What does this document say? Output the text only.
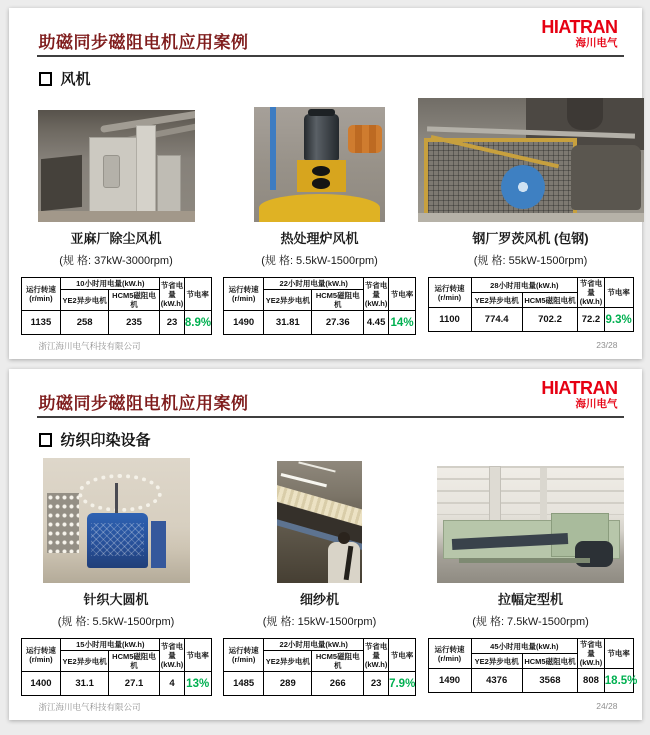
助磁同步磁阻电机应用案例
HIATRAN
海川电气
风机
亚麻厂除尘风机
(规 格: 37kW-3000rpm)
运行转速
(r/min)	10小时用电量(kW.h)		节省电量(kW.h)	节电率
	YE2异步电机	HCM5磁阻电机		
1135	258	235	23	8.9%
热处理炉风机
(规 格: 5.5kW-1500rpm)
运行转速
(r/min)	22小时用电量(kW.h)		节省电量(kW.h)	节电率
	YE2异步电机	HCM5磁阻电机		
1490	31.81	27.36	4.45	14%
钢厂罗茨风机 (包钢)
(规 格: 55kW-1500rpm)
运行转速
(r/min)	28小时用电量(kW.h)		节省电量(kW.h)	节电率
	YE2异步电机	HCM5磁阻电机		
1100	774.4	702.2	72.2	9.3%
浙江海川电气科技有限公司	23/28
助磁同步磁阻电机应用案例
HIATRAN
海川电气
纺织印染设备
针织大圆机
(规 格: 5.5kW-1500rpm)
运行转速
(r/min)	15小时用电量(kW.h)		节省电量(kW.h)	节电率
	YE2异步电机	HCM5磁阻电机		
1400	31.1	27.1	4	13%
细纱机
(规 格: 15kW-1500rpm)
运行转速
(r/min)	22小时用电量(kW.h)		节省电量(kW.h)	节电率
	YE2异步电机	HCM5磁阻电机		
1485	289	266	23	7.9%
拉幅定型机
(规 格: 7.5kW-1500rpm)
运行转速
(r/min)	45小时用电量(kW.h)		节省电量(kW.h)	节电率
	YE2异步电机	HCM5磁阻电机		
1490	4376	3568	808	18.5%
浙江海川电气科技有限公司	24/28
